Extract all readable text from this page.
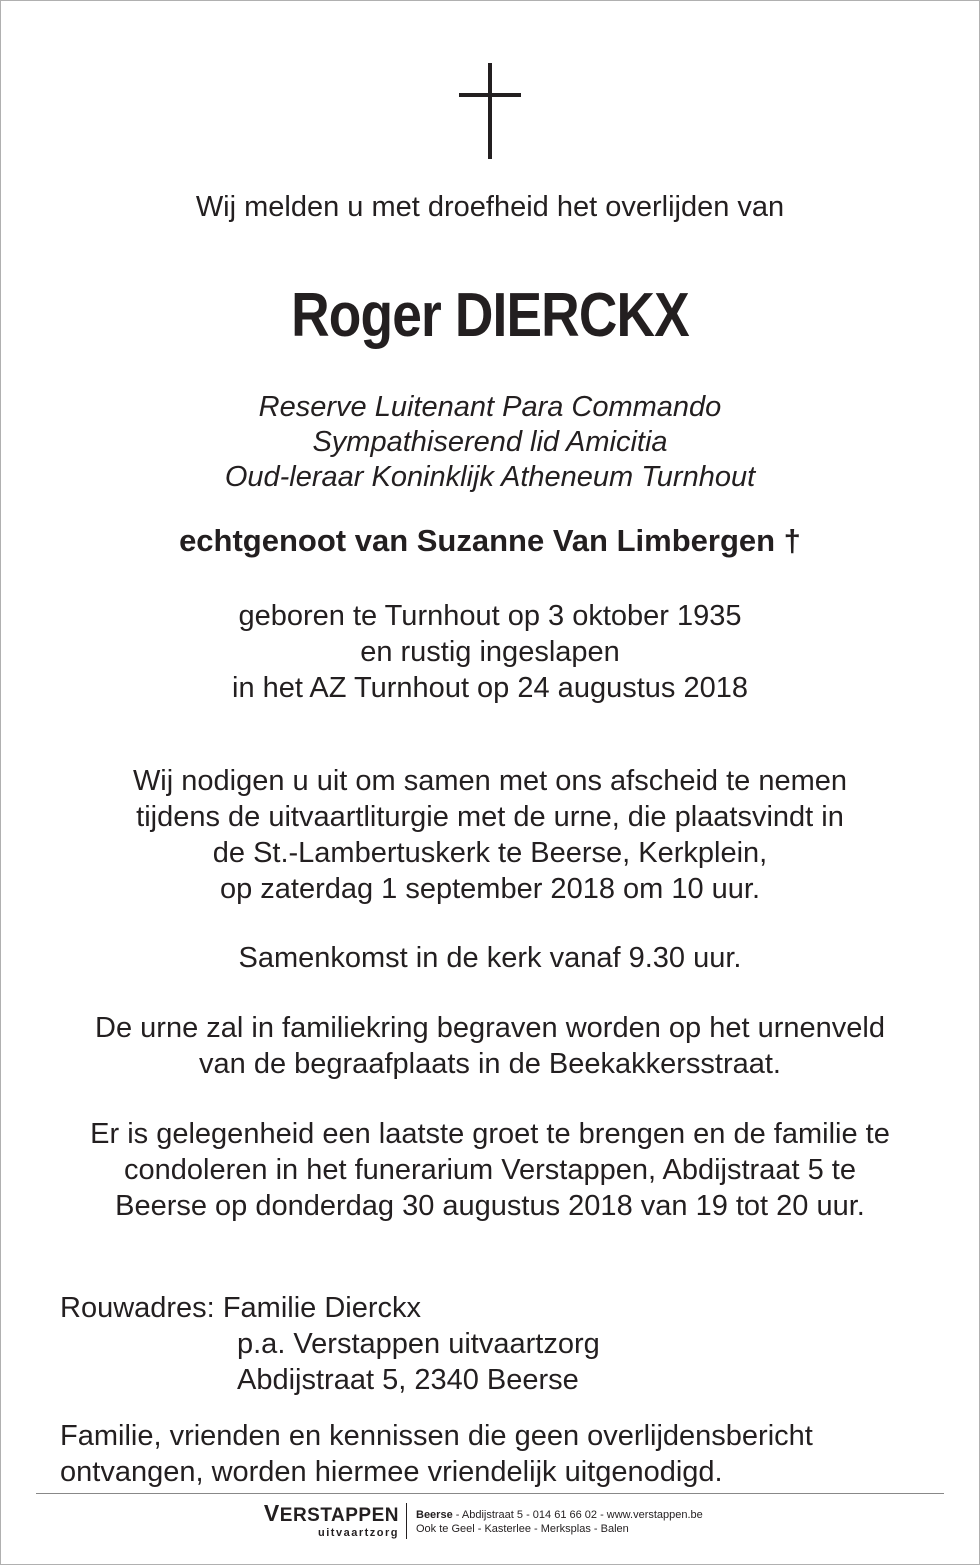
Wij melden u met droefheid het overlijden van
Roger DIERCKX
Reserve Luitenant Para Commando
Sympathiserend lid Amicitia
Oud-leraar Koninklijk Atheneum Turnhout
echtgenoot van Suzanne Van Limbergen †
geboren te Turnhout op 3 oktober 1935
en rustig ingeslapen
in het AZ Turnhout op 24 augustus 2018
Wij nodigen u uit om samen met ons afscheid te nemen
tijdens de uitvaartliturgie met de urne, die plaatsvindt in
de St.-Lambertuskerk te Beerse, Kerkplein,
op zaterdag 1 september 2018 om 10 uur.
Samenkomst in de kerk vanaf 9.30 uur.
De urne zal in familiekring begraven worden op het urnenveld
van de begraafplaats in de Beekakkersstraat.
Er is gelegenheid een laatste groet te brengen en de familie te
condoleren in het funerarium Verstappen, Abdijstraat 5 te
Beerse op donderdag 30 augustus 2018 van 19 tot 20 uur.
Rouwadres: Familie Dierckx
p.a. Verstappen uitvaartzorg
Abdijstraat 5, 2340 Beerse
Familie, vrienden en kennissen die geen overlijdensbericht
ontvangen, worden hiermee vriendelijk uitgenodigd.
VERSTAPPEN
uitvaartzorg
Beerse - Abdijstraat 5 - 014 61 66 02 - www.verstappen.be
Ook te Geel - Kasterlee - Merksplas - Balen
